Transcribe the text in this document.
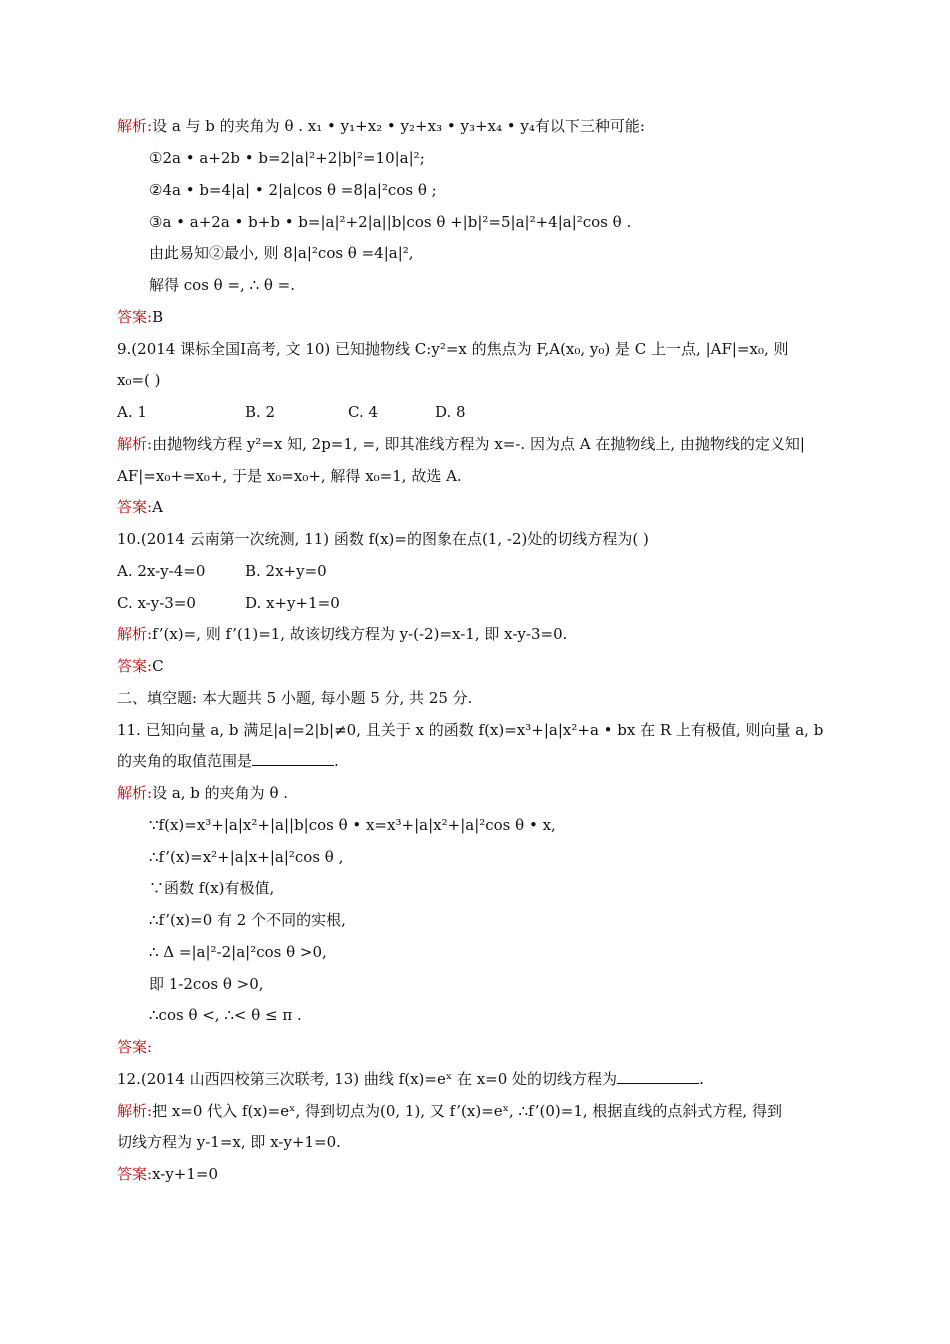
解析:设 a 与 b 的夹角为 θ . x₁ • y₁+x₂ • y₂+x₃ • y₃+x₄ • y₄有以下三种可能:
①2a • a+2b • b=2|a|²+2|b|²=10|a|²;
②4a • b=4|a| • 2|a|cos θ =8|a|²cos θ ;
③a • a+2a • b+b • b=|a|²+2|a||b|cos θ +|b|²=5|a|²+4|a|²cos θ .
由此易知②最小, 则 8|a|²cos θ =4|a|²,
解得 cos θ =, ∴ θ =.
答案:B
9.(2014 课标全国Ⅰ高考, 文 10) 已知抛物线 C:y²=x 的焦点为 F,A(x₀, y₀) 是 C 上一点, |AF|=x₀, 则
x₀=( )
A. 1	B. 2	C. 4	D. 8
解析:由抛物线方程 y²=x 知, 2p=1, =, 即其准线方程为 x=-. 因为点 A 在抛物线上, 由抛物线的定义知|
AF|=x₀+=x₀+, 于是 x₀=x₀+, 解得 x₀=1, 故选 A.
答案:A
10.(2014 云南第一次统测, 11) 函数 f(x)=的图象在点(1, -2)处的切线方程为( )
A. 2x-y-4=0	B. 2x+y=0
C. x-y-3=0	D. x+y+1=0
解析:f’(x)=, 则 f’(1)=1, 故该切线方程为 y-(-2)=x-1, 即 x-y-3=0.
答案:C
二、填空题: 本大题共 5 小题, 每小题 5 分, 共 25 分.
11. 已知向量 a, b 满足|a|=2|b|≠0, 且关于 x 的函数 f(x)=x³+|a|x²+a • bx 在 R 上有极值, 则向量 a, b
的夹角的取值范围是	.
解析:设 a, b 的夹角为 θ .
∵f(x)=x³+|a|x²+|a||b|cos θ • x=x³+|a|x²+|a|²cos θ • x,
∴f’(x)=x²+|a|x+|a|²cos θ ,
∵函数 f(x)有极值,
∴f’(x)=0 有 2 个不同的实根,
∴ Δ =|a|²-2|a|²cos θ >0,
即 1-2cos θ >0,
∴cos θ <, ∴< θ ≤ π .
答案:
12.(2014 山西四校第三次联考, 13) 曲线 f(x)=eˣ 在 x=0 处的切线方程为	.
解析:把 x=0 代入 f(x)=eˣ, 得到切点为(0, 1), 又 f’(x)=eˣ, ∴f’(0)=1, 根据直线的点斜式方程, 得到
切线方程为 y-1=x, 即 x-y+1=0.
答案:x-y+1=0
